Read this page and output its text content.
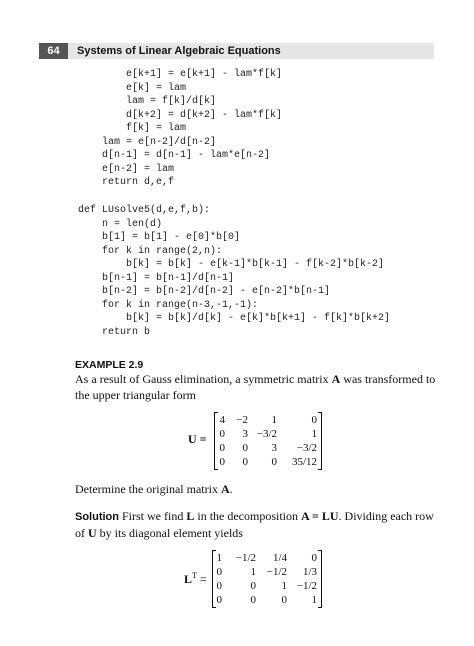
64	Systems of Linear Algebraic Equations
e[k+1] = e[k+1] - lam*f[k]
e[k] = lam
lam = f[k]/d[k]
d[k+2] = d[k+2] - lam*f[k]
f[k] = lam
lam = e[n-2]/d[n-2]
d[n-1] = d[n-1] - lam*e[n-2]
e[n-2] = lam
return d,e,f
def LUsolve5(d,e,f,b):
n = len(d)
b[1] = b[1] - e[0]*b[0]
for k in range(2,n):
b[k] = b[k] - e[k-1]*b[k-1] - f[k-2]*b[k-2]
b[n-1] = b[n-1]/d[n-1]
b[n-2] = b[n-2]/d[n-2] - e[n-2]*b[n-1]
for k in range(n-3,-1,-1):
b[k] = b[k]/d[k] - e[k]*b[k+1] - f[k]*b[k+2]
return b
EXAMPLE 2.9
As a result of Gauss elimination, a symmetric matrix A was transformed to the upper triangular form
U =
4 −2 1	0
0 3 −3/2	1
0 0 3 −3/2
0 0 0 35/12
Determine the original matrix A.
Solution First we find L in the decomposition A = LU. Dividing each row of U by its diagonal element yields
$L^T$ =
1 −1/2 1/4 0
0	1 −1/2 1/3
0	0 1 −1/2
0	0 0 1
